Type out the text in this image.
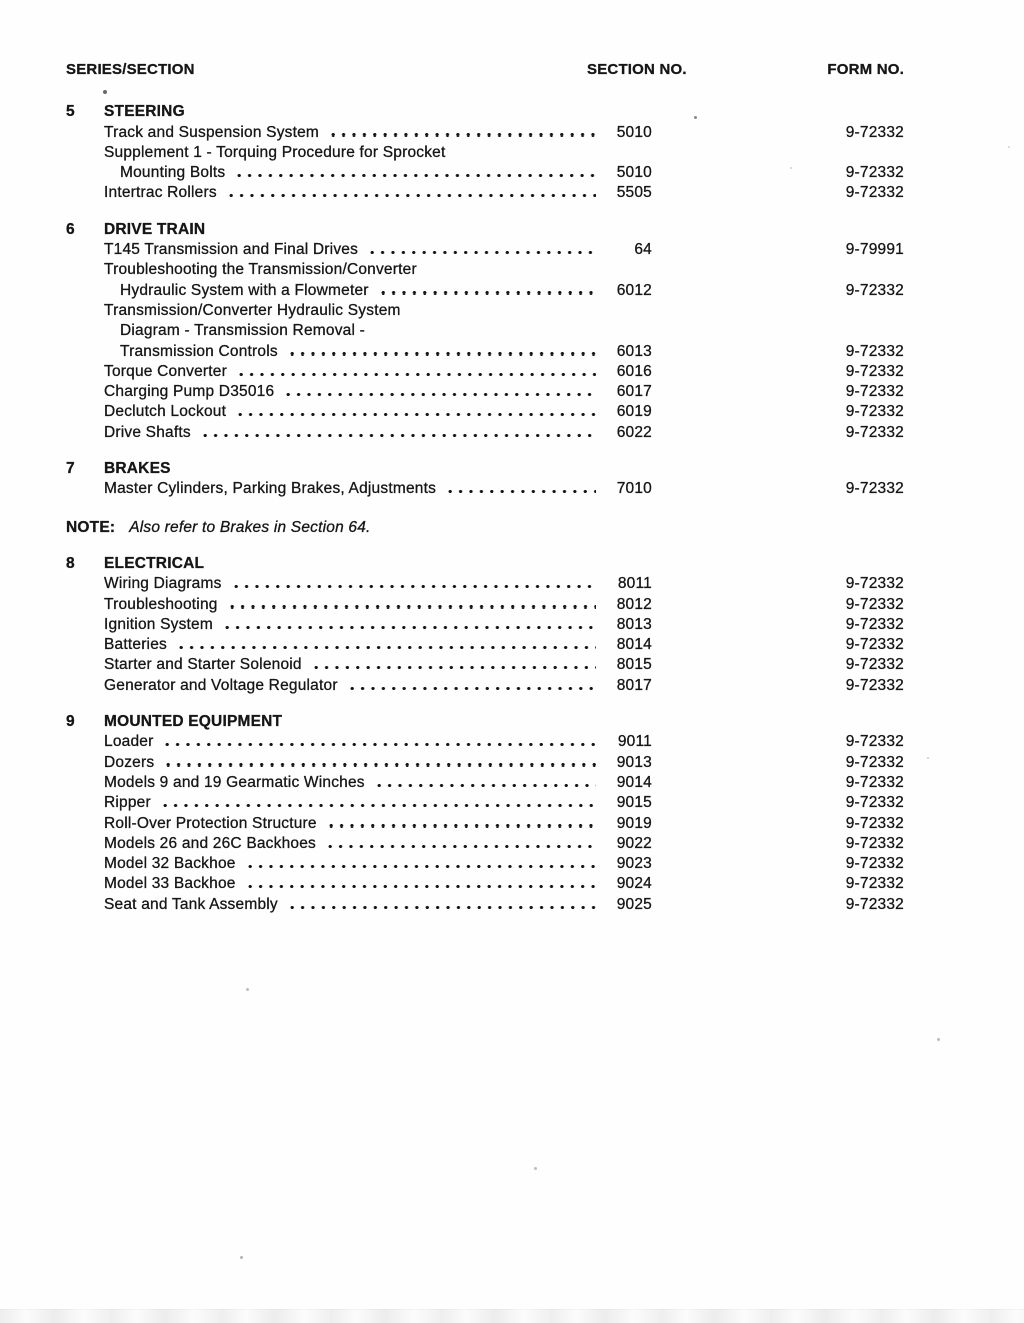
SERIES/SECTION	SECTION NO.	FORM NO.
5	STEERING
Track and Suspension System	5010	9-72332
Supplement 1 - Torquing Procedure for Sprocket
Mounting Bolts	5010	9-72332
Intertrac Rollers	5505	9-72332
6	DRIVE TRAIN
T145 Transmission and Final Drives	64	9-79991
Troubleshooting the Transmission/Converter
Hydraulic System with a Flowmeter	6012	9-72332
Transmission/Converter Hydraulic System
Diagram - Transmission Removal -
Transmission Controls	6013	9-72332
Torque Converter	6016	9-72332
Charging Pump D35016	6017	9-72332
Declutch Lockout	6019	9-72332
Drive Shafts	6022	9-72332
7	BRAKES
Master Cylinders, Parking Brakes, Adjustments	7010	9-72332
NOTE: Also refer to Brakes in Section 64.
8	ELECTRICAL
Wiring Diagrams	8011	9-72332
Troubleshooting	8012	9-72332
Ignition System	8013	9-72332
Batteries	8014	9-72332
Starter and Starter Solenoid	8015	9-72332
Generator and Voltage Regulator	8017	9-72332
9	MOUNTED EQUIPMENT
Loader	9011	9-72332
Dozers	9013	9-72332
Models 9 and 19 Gearmatic Winches	9014	9-72332
Ripper	9015	9-72332
Roll-Over Protection Structure	9019	9-72332
Models 26 and 26C Backhoes	9022	9-72332
Model 32 Backhoe	9023	9-72332
Model 33 Backhoe	9024	9-72332
Seat and Tank Assembly	9025	9-72332
